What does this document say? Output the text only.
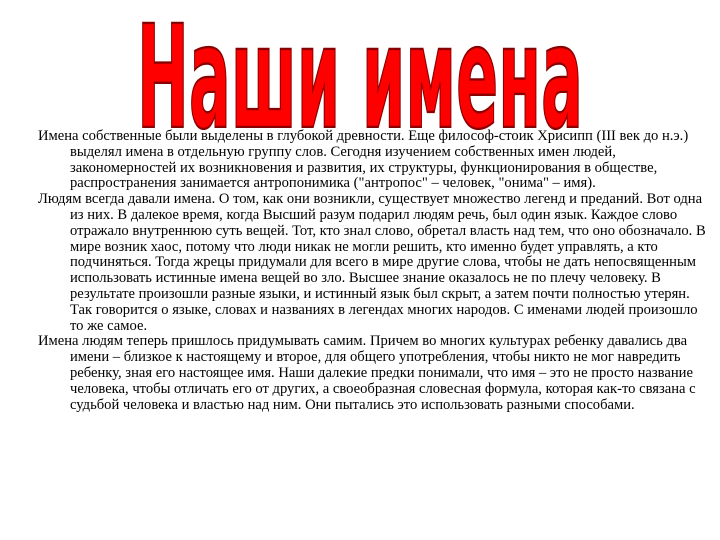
Наши имена

Имена собственные были выделены в глубокой древности. Еще философ-стоик Хрисипп (III век до н.э.) выделял имена в отдельную группу слов. Сегодня изучением собственных имен людей, закономерностей их возникновения и развития, их структуры, функционирования в обществе, распространения занимается антропонимика ("антропос" – человек, "онима" – имя).

Людям всегда давали имена. О том, как они возникли, существует множество легенд и преданий. Вот одна из них. В далекое время, когда Высший разум подарил людям речь, был один язык. Каждое слово отражало внутреннюю суть вещей. Тот, кто знал слово, обретал власть над тем, что оно обозначало. В мире возник хаос, потому что люди никак не могли решить, кто именно будет управлять, а кто подчиняться. Тогда жрецы придумали для всего в мире другие слова, чтобы не дать непосвященным использовать истинные имена вещей во зло. Высшее знание оказалось не по плечу человеку. В результате произошли разные языки, и истинный язык был скрыт, а затем почти полностью утерян. Так говорится о языке, словах и названиях в легендах многих народов. С именами людей произошло то же самое.

Имена людям теперь пришлось придумывать самим. Причем во многих культурах ребенку давались два имени – близкое к настоящему и второе, для общего употребления, чтобы никто не мог навредить ребенку, зная его настоящее имя. Наши далекие предки понимали, что имя – это не просто название человека, чтобы отличать его от других, а своеобразная словесная формула, которая как-то связана с судьбой человека и властью над ним. Они пытались это использовать разными способами.
